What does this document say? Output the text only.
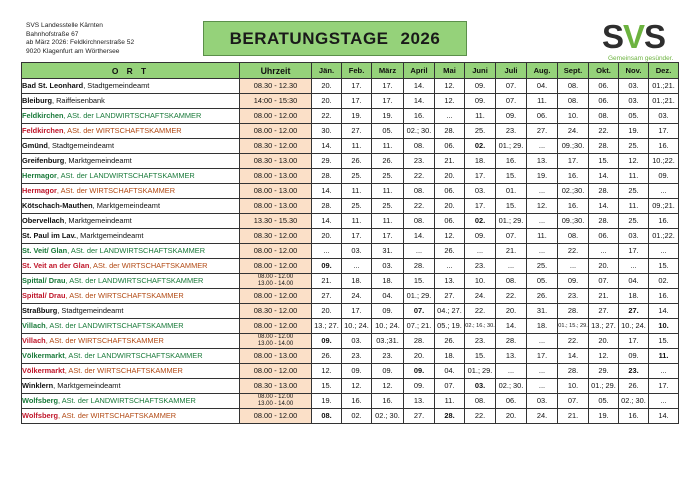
SVS Landesstelle Kärnten
Bahnhofstraße 67
ab März 2026: Feldkirchnerstraße 52
9020 Klagenfurt am Wörthersee
BERATUNGSTAGE 2026	SVS
Gemeinsam gesünder.
O R T	Uhrzeit	Jän.	Feb.	März	April	Mai	Juni	Juli	Aug.	Sept.	Okt.	Nov.	Dez.
Bad St. Leonhard, Stadtgemeindeamt	08.30 - 12.30	20.	17.	17.	14.	12.	09.	07.	04.	08.	06.	03.	01.;21.
Bleiburg, Raiffeisenbank	14:00 - 15:30	20.	17.	17.	14.	12.	09.	07.	11.	08.	06.	03.	01.;21.
Feldkirchen, ASt. der LANDWIRTSCHAFTSKAMMER	08.00 - 12.00	22.	19.	19.	16.	...	11.	09.	06.	10.	08.	05.	03.
Feldkirchen, ASt. der WIRTSCHAFTSKAMMER	08.00 - 12.00	30.	27.	05.	02.; 30.	28.	25.	23.	27.	24.	22.	19.	17.
Gmünd, Stadtgemeindeamt	08.30 - 12.00	14.	11.	11.	08.	06.	02.	01.; 29.	...	09.;30.	28.	25.	16.
Greifenburg, Marktgemeindeamt	08.30 - 13.00	29.	26.	26.	23.	21.	18.	16.	13.	17.	15.	12.	10.;22.
Hermagor, ASt. der LANDWIRTSCHAFTSKAMMER	08.00 - 13.00	28.	25.	25.	22.	20.	17.	15.	19.	16.	14.	11.	09.
Hermagor, ASt. der WIRTSCHAFTSKAMMER	08.00 - 13.00	14.	11.	11.	08.	06.	03.	01.	...	02.;30.	28.	25.	...
Kötschach-Mauthen, Marktgemeindeamt	08.00 - 13.00	28.	25.	25.	22.	20.	17.	15.	12.	16.	14.	11.	09.;21.
Obervellach, Marktgemeindeamt	13.30 - 15.30	14.	11.	11.	08.	06.	02.	01.; 29.	...	09.;30.	28.	25.	16.
St. Paul im Lav., Marktgemeindeamt	08.30 - 12.00	20.	17.	17.	14.	12.	09.	07.	11.	08.	06.	03.	01.;22.
St. Veit/ Glan, ASt. der LANDWIRTSCHAFTSKAMMER	08.00 - 12.00	...	03.	31.	...	26.	...	21.	...	22.	...	17.	...
St. Veit an der Glan, ASt. der WIRTSCHAFTSKAMMER	08.00 - 12.00	09.	...	03.	28.	...	23.	...	25.	...	20.	...	15.
Spittal/ Drau, ASt. der LANDWIRTSCHAFTSKAMMER	08.00 - 12.00
13.00 - 14.00	21.	18.	18.	15.	13.	10.	08.	05.	09.	07.	04.	02.
Spittal/ Drau, ASt. der WIRTSCHAFTSKAMMER	08.00 - 12.00	27.	24.	04.	01.; 29.	27.	24.	22.	26.	23.	21.	18.	16.
Straßburg, Stadtgemeindeamt	08.30 - 12.00	20.	17.	09.	07.	04.; 27.	22.	20.	31.	28.	27.	27.	14.
Villach, ASt. der LANDWIRTSCHAFTSKAMMER	08.00 - 12.00	13.; 27.	10.; 24.	10.; 24.	07.; 21.	05.; 19.	02.; 16.; 30.	14.	18.	01.; 15.; 29.	13.; 27.	10.; 24.	10.
Villach, ASt. der WIRTSCHAFTSKAMMER	08.00 - 12.00
13.00 - 14.00	09.	03.	03.;31.	28.	26.	23.	28.	...	22.	20.	17.	15.
Völkermarkt, ASt. der LANDWIRTSCHAFTSKAMMER	08.00 - 13.00	26.	23.	23.	20.	18.	15.	13.	17.	14.	12.	09.	11.
Völkermarkt, ASt. der WIRTSCHAFTSKAMMER	08.00 - 12.00	12.	09.	09.	09.	04.	01.; 29.	...	...	28.	29.	23.	...
Winklern, Marktgemeindeamt	08.30 - 13.00	15.	12.	12.	09.	07.	03.	02.; 30.	...	10.	01.; 29.	26.	17.
Wolfsberg, ASt. der LANDWIRTSCHAFTSKAMMER	08.00 - 12.00
13.00 - 14.00	19.	16.	16.	13.	11.	08.	06.	03.	07.	05.	02.; 30.	...
Wolfsberg, ASt. der WIRTSCHAFTSKAMMER	08.00 - 12.00	08.	02.	02.; 30.	27.	28.	22.	20.	24.	21.	19.	16.	14.
